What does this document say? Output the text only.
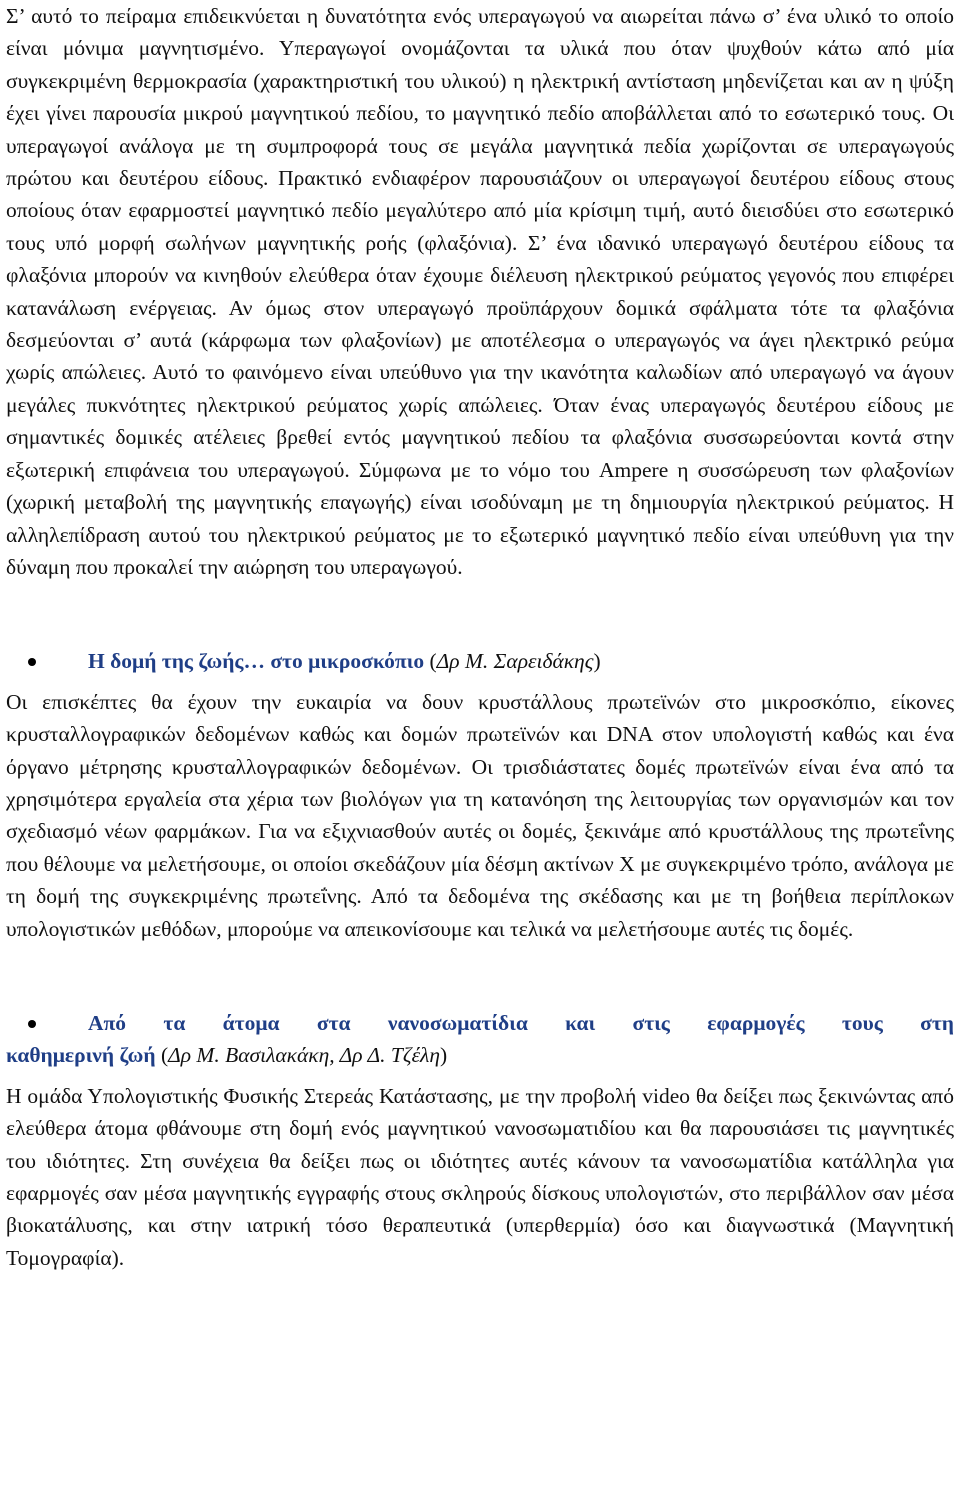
Σ’ αυτό το πείραμα επιδεικνύεται η δυνατότητα ενός υπεραγωγού να αιωρείται πάνω σ’ ένα υλικό το οποίο είναι μόνιμα μαγνητισμένο. Υπεραγωγοί ονομάζονται τα υλικά που όταν ψυχθούν κάτω από μία συγκεκριμένη θερμοκρασία (χαρακτηριστική του υλικού) η ηλεκτρική αντίσταση μηδενίζεται και αν η ψύξη έχει γίνει παρουσία μικρού μαγνητικού πεδίου, το μαγνητικό πεδίο αποβάλλεται από το εσωτερικό τους. Οι υπεραγωγοί ανάλογα με τη συμπροφορά τους σε μεγάλα μαγνητικά πεδία χωρίζονται σε υπεραγωγούς πρώτου και δευτέρου είδους. Πρακτικό ενδιαφέρον παρουσιάζουν οι υπεραγωγοί δευτέρου είδους στους οποίους όταν εφαρμοστεί μαγνητικό πεδίο μεγαλύτερο από μία κρίσιμη τιμή, αυτό διεισδύει στο εσωτερικό τους υπό μορφή σωλήνων μαγνητικής ροής (φλαξόνια). Σ’ ένα ιδανικό υπεραγωγό δευτέρου είδους τα φλαξόνια μπορούν να κινηθούν ελεύθερα όταν έχουμε διέλευση ηλεκτρικού ρεύματος γεγονός που επιφέρει κατανάλωση ενέργειας. Αν όμως στον υπεραγωγό προϋπάρχουν δομικά σφάλματα τότε τα φλαξόνια δεσμεύονται σ’ αυτά (κάρφωμα των φλαξονίων) με αποτέλεσμα ο υπεραγωγός να άγει ηλεκτρικό ρεύμα χωρίς απώλειες. Αυτό το φαινόμενο είναι υπεύθυνο για την ικανότητα καλωδίων από υπεραγωγό να άγουν μεγάλες πυκνότητες ηλεκτρικού ρεύματος χωρίς απώλειες. Όταν ένας υπεραγωγός δευτέρου είδους με σημαντικές δομικές ατέλειες βρεθεί εντός μαγνητικού πεδίου τα φλαξόνια συσσωρεύονται κοντά στην εξωτερική επιφάνεια του υπεραγωγού. Σύμφωνα με το νόμο του Ampere η συσσώρευση των φλαξονίων (χωρική μεταβολή της μαγνητικής επαγωγής) είναι ισοδύναμη με τη δημιουργία ηλεκτρικού ρεύματος. Η αλληλεπίδραση αυτού του ηλεκτρικού ρεύματος με το εξωτερικό μαγνητικό πεδίο είναι υπεύθυνη για την δύναμη που προκαλεί την αιώρηση του υπεραγωγού.

Η δομή της ζωής… στο μικροσκόπιο (Δρ Μ. Σαρειδάκης)

Οι επισκέπτες θα έχουν την ευκαιρία να δουν κρυστάλλους πρωτεϊνών στο μικροσκόπιο, είκονες κρυσταλλογραφικών δεδομένων καθώς και δομών πρωτεϊνών και DNA στον υπολογιστή καθώς και ένα όργανο μέτρησης κρυσταλλογραφικών δεδομένων. Οι τρισδιάστατες δομές πρωτεϊνών είναι ένα από τα χρησιμότερα εργαλεία στα χέρια των βιολόγων για τη κατανόηση της λειτουργίας των οργανισμών και τον σχεδιασμό νέων φαρμάκων. Για να εξιχνιασθούν αυτές οι δομές, ξεκινάμε από κρυστάλλους της πρωτεΐνης που θέλουμε να μελετήσουμε, οι οποίοι σκεδάζουν μία δέσμη ακτίνων Χ με συγκεκριμένο τρόπο, ανάλογα με τη δομή της συγκεκριμένης πρωτεΐνης. Από τα δεδομένα της σκέδασης και με τη βοήθεια περίπλοκων υπολογιστικών μεθόδων, μπορούμε να απεικονίσουμε και τελικά να μελετήσουμε αυτές τις δομές.

Από τα άτομα στα νανοσωματίδια και στις εφαρμογές τους στη

καθημερινή ζωή (Δρ Μ. Βασιλακάκη, Δρ Δ. Τζέλη)

Η ομάδα Υπολογιστικής Φυσικής Στερεάς Κατάστασης, με την προβολή video θα δείξει πως ξεκινώντας από ελεύθερα άτομα φθάνουμε στη δομή ενός μαγνητικού νανοσωματιδίου και θα παρουσιάσει τις μαγνητικές του ιδιότητες. Στη συνέχεια θα δείξει πως οι ιδιότητες αυτές κάνουν τα νανοσωματίδια κατάλληλα για εφαρμογές σαν μέσα μαγνητικής εγγραφής στους σκληρούς δίσκους υπολογιστών, στο περιβάλλον σαν μέσα βιοκατάλυσης, και στην ιατρική τόσο θεραπευτικά (υπερθερμία) όσο και διαγνωστικά (Μαγνητική Τομογραφία).
